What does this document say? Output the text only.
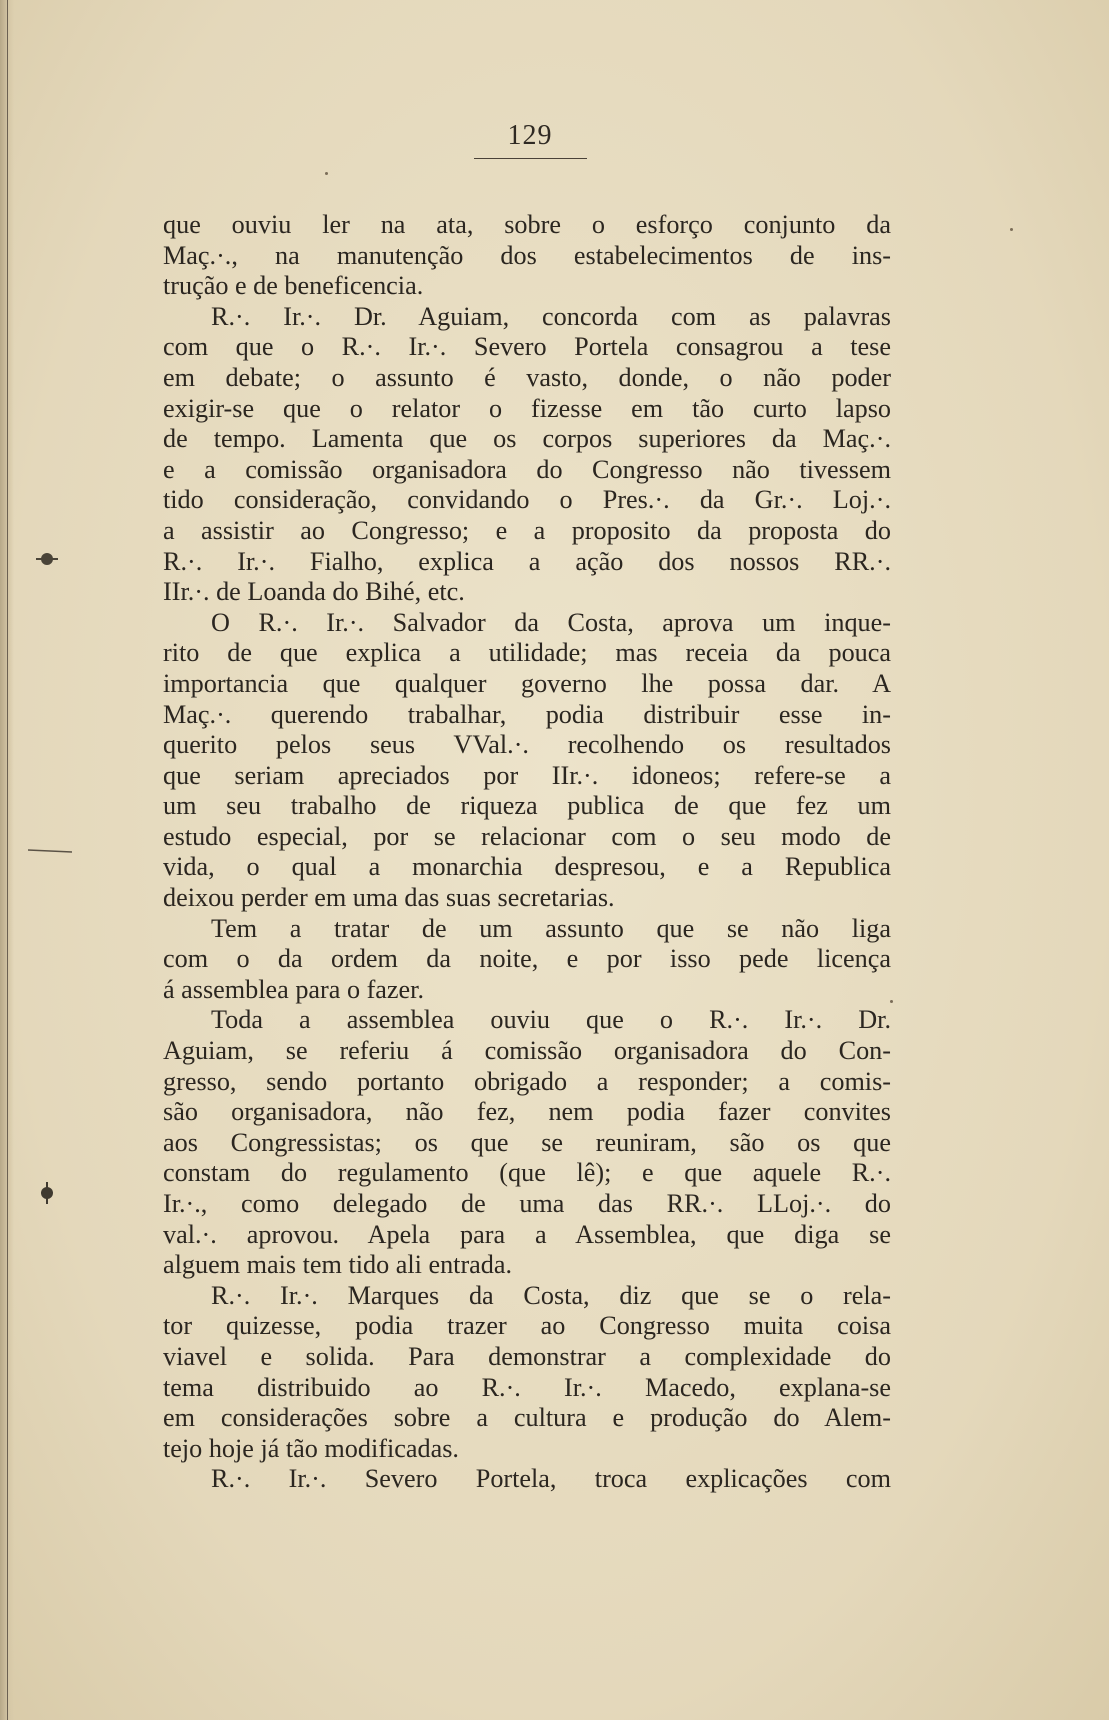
129
que ouviu ler na ata, sobre o esforço conjunto da
Maç.·., na manutenção dos estabelecimentos de ins-
trução e de beneficencia.
R.·. Ir.·. Dr. Aguiam, concorda com as palavras
com que o R.·. Ir.·. Severo Portela consagrou a tese
em debate; o assunto é vasto, donde, o não poder
exigir-se que o relator o fizesse em tão curto lapso
de tempo. Lamenta que os corpos superiores da Maç.·.
e a comissão organisadora do Congresso não tivessem
tido consideração, convidando o Pres.·. da Gr.·. Loj.·.
a assistir ao Congresso; e a proposito da proposta do
R.·. Ir.·. Fialho, explica a ação dos nossos RR.·.
IIr.·. de Loanda do Bihé, etc.
O R.·. Ir.·. Salvador da Costa, aprova um inque-
rito de que explica a utilidade; mas receia da pouca
importancia que qualquer governo lhe possa dar. A
Maç.·. querendo trabalhar, podia distribuir esse in-
querito pelos seus VVal.·. recolhendo os resultados
que seriam apreciados por IIr.·. idoneos; refere-se a
um seu trabalho de riqueza publica de que fez um
estudo especial, por se relacionar com o seu modo de
vida, o qual a monarchia despresou, e a Republica
deixou perder em uma das suas secretarias.
Tem a tratar de um assunto que se não liga
com o da ordem da noite, e por isso pede licença
á assemblea para o fazer.
Toda a assemblea ouviu que o R.·. Ir.·. Dr.
Aguiam, se referiu á comissão organisadora do Con-
gresso, sendo portanto obrigado a responder; a comis-
são organisadora, não fez, nem podia fazer convites
aos Congressistas; os que se reuniram, são os que
constam do regulamento (que lê); e que aquele R.·.
Ir.·., como delegado de uma das RR.·. LLoj.·. do
val.·. aprovou. Apela para a Assemblea, que diga se
alguem mais tem tido ali entrada.
R.·. Ir.·. Marques da Costa, diz que se o rela-
tor quizesse, podia trazer ao Congresso muita coisa
viavel e solida. Para demonstrar a complexidade do
tema distribuido ao R.·. Ir.·. Macedo, explana-se
em considerações sobre a cultura e produção do Alem-
tejo hoje já tão modificadas.
R.·. Ir.·. Severo Portela, troca explicações com
